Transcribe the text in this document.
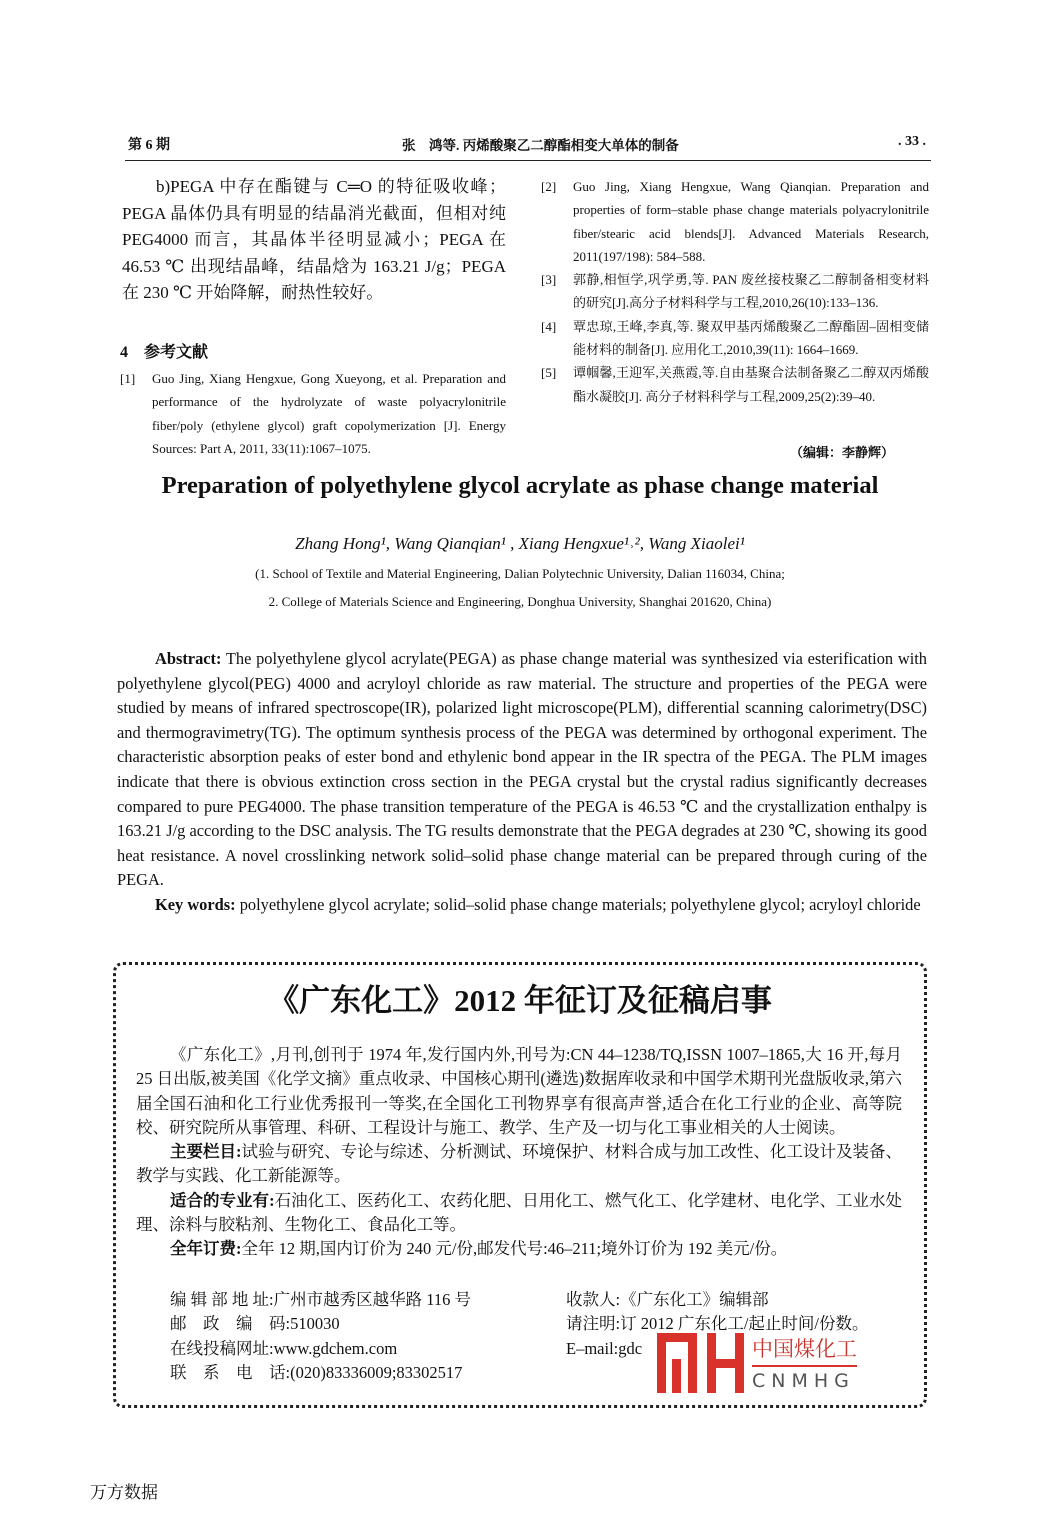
第 6 期	张　鸿等. 丙烯酸聚乙二醇酯相变大单体的制备	. 33 .
b)PEGA 中存在酯键与 C═O 的特征吸收峰；PEGA 晶体仍具有明显的结晶消光截面，但相对纯 PEG4000 而言，其晶体半径明显减小；PEGA 在 46.53 ℃ 出现结晶峰，结晶焓为 163.21 J/g；PEGA 在 230 ℃ 开始降解，耐热性较好。
4　参考文献
[1]	Guo Jing, Xiang Hengxue, Gong Xueyong, et al. Preparation and performance of the hydrolyzate of waste polyacrylonitrile fiber/poly (ethylene glycol) graft copolymerization [J]. Energy Sources: Part A, 2011, 33(11):1067–1075.
[2]	Guo Jing, Xiang Hengxue, Wang Qianqian. Preparation and properties of form–stable phase change materials polyacrylonitrile fiber/stearic acid blends[J]. Advanced Materials Research, 2011(197/198): 584–588.
[3]	郭静,相恒学,巩学勇,等. PAN 废丝接枝聚乙二醇制备相变材料的研究[J].高分子材料科学与工程,2010,26(10):133–136.
[4]	覃忠琼,王峰,李真,等. 聚双甲基丙烯酸聚乙二醇酯固–固相变储能材料的制备[J]. 应用化工,2010,39(11): 1664–1669.
[5]	谭帼馨,王迎军,关燕霞,等.自由基聚合法制备聚乙二醇双丙烯酸酯水凝胶[J]. 高分子材料科学与工程,2009,25(2):39–40.
（编辑：李静辉）
Preparation of polyethylene glycol acrylate as phase change material
Zhang Hong¹, Wang Qianqian¹ , Xiang Hengxue¹˒², Wang Xiaolei¹
(1. School of Textile and Material Engineering, Dalian Polytechnic University, Dalian 116034, China;
2. College of Materials Science and Engineering, Donghua University, Shanghai 201620, China)

Abstract: The polyethylene glycol acrylate(PEGA) as phase change material was synthesized via esterification with polyethylene glycol(PEG) 4000 and acryloyl chloride as raw material. The structure and properties of the PEGA were studied by means of infrared spectroscope(IR), polarized light microscope(PLM), differential scanning calorimetry(DSC) and thermogravimetry(TG). The optimum synthesis process of the PEGA was determined by orthogonal experiment. The characteristic absorption peaks of ester bond and ethylenic bond appear in the IR spectra of the PEGA. The PLM images indicate that there is obvious extinction cross section in the PEGA crystal but the crystal radius significantly decreases compared to pure PEG4000. The phase transition temperature of the PEGA is 46.53 ℃ and the crystallization enthalpy is 163.21 J/g according to the DSC analysis. The TG results demonstrate that the PEGA degrades at 230 ℃, showing its good heat resistance. A novel crosslinking network solid–solid phase change material can be prepared through curing of the PEGA.

Key words: polyethylene glycol acrylate; solid–solid phase change materials; polyethylene glycol; acryloyl chloride

《广东化工》2012 年征订及征稿启事

《广东化工》,月刊,创刊于 1974 年,发行国内外,刊号为:CN 44–1238/TQ,ISSN 1007–1865,大 16 开,每月 25 日出版,被美国《化学文摘》重点收录、中国核心期刊(遴选)数据库收录和中国学术期刊光盘版收录,第六届全国石油和化工行业优秀报刊一等奖,在全国化工刊物界享有很高声誉,适合在化工行业的企业、高等院校、研究院所从事管理、科研、工程设计与施工、教学、生产及一切与化工事业相关的人士阅读。

主要栏目:试验与研究、专论与综述、分析测试、环境保护、材料合成与加工改性、化工设计及装备、教学与实践、化工新能源等。

适合的专业有:石油化工、医药化工、农药化肥、日用化工、燃气化工、化学建材、电化学、工业水处理、涂料与胶粘剂、生物化工、食品化工等。

全年订费:全年 12 期,国内订价为 240 元/份,邮发代号:46–211;境外订价为 192 美元/份。

编 辑 部 地 址:广州市越秀区越华路 116 号
邮　政　编　码:510030
在线投稿网址:www.gdchem.com
联　系　电　话:(020)83336009;83302517
收款人:《广东化工》编辑部
请注明:订 2012 广东化工/起止时间/份数。
E–mail:gdc	中国煤化工
CNMHG
万方数据
